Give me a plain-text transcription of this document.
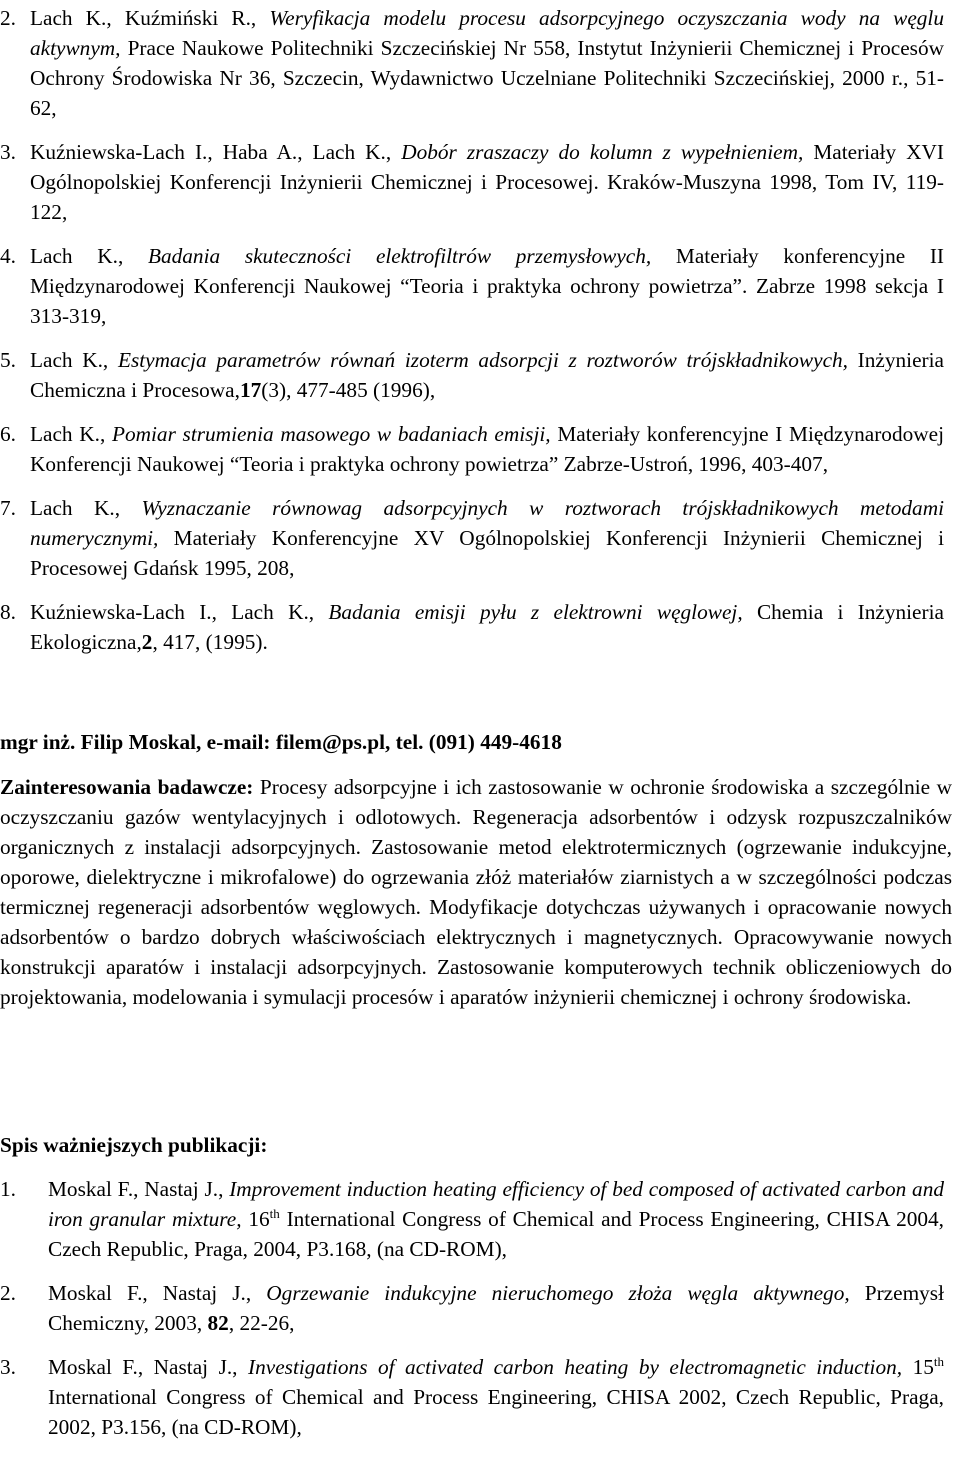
2. Lach K., Kuźmiński R., Weryfikacja modelu procesu adsorpcyjnego oczyszczania wody na węglu aktywnym, Prace Naukowe Politechniki Szczecińskiej Nr 558, Instytut Inżynierii Chemicznej i Procesów Ochrony Środowiska Nr 36, Szczecin, Wydawnictwo Uczelniane Politechniki Szczecińskiej, 2000 r., 51-62,
3. Kuźniewska-Lach I., Haba A., Lach K., Dobór zraszaczy do kolumn z wypełnieniem, Materiały XVI Ogólnopolskiej Konferencji Inżynierii Chemicznej i Procesowej. Kraków-Muszyna 1998, Tom IV, 119-122,
4. Lach K., Badania skuteczności elektrofiltrów przemysłowych, Materiały konferencyjne II Międzynarodowej Konferencji Naukowej “Teoria i praktyka ochrony powietrza”. Zabrze 1998 sekcja I 313-319,
5. Lach K., Estymacja parametrów równań izoterm adsorpcji z roztworów trójskładnikowych, Inżynieria Chemiczna i Procesowa,17(3), 477-485 (1996),
6. Lach K., Pomiar strumienia masowego w badaniach emisji, Materiały konferencyjne I Międzynarodowej Konferencji Naukowej “Teoria i praktyka ochrony powietrza” Zabrze-Ustroń, 1996, 403-407,
7. Lach K., Wyznaczanie równowag adsorpcyjnych w roztworach trójskładnikowych metodami numerycznymi, Materiały Konferencyjne XV Ogólnopolskiej Konferencji Inżynierii Chemicznej i Procesowej Gdańsk 1995, 208,
8. Kuźniewska-Lach I., Lach K., Badania emisji pyłu z elektrowni węglowej, Chemia i Inżynieria Ekologiczna,2, 417, (1995).
mgr inż. Filip Moskal, e-mail: filem@ps.pl, tel. (091) 449-4618

Zainteresowania badawcze: Procesy adsorpcyjne i ich zastosowanie w ochronie środowiska a szczególnie w oczyszczaniu gazów wentylacyjnych i odlotowych. Regeneracja adsorbentów i odzysk rozpuszczalników organicznych z instalacji adsorpcyjnych. Zastosowanie metod elektrotermicznych (ogrzewanie indukcyjne, oporowe, dielektryczne i mikrofalowe) do ogrzewania złóż materiałów ziarnistych a w szczególności podczas termicznej regeneracji adsorbentów węglowych. Modyfikacje dotychczas używanych i opracowanie nowych adsorbentów o bardzo dobrych właściwościach elektrycznych i magnetycznych. Opracowywanie nowych konstrukcji aparatów i instalacji adsorpcyjnych. Zastosowanie komputerowych technik obliczeniowych do projektowania, modelowania i symulacji procesów i aparatów inżynierii chemicznej i ochrony środowiska.

Spis ważniejszych publikacji:
1. Moskal F., Nastaj J., Improvement induction heating efficiency of bed composed of activated carbon and iron granular mixture, 16th International Congress of Chemical and Process Engineering, CHISA 2004, Czech Republic, Praga, 2004, P3.168, (na CD-ROM),
2. Moskal F., Nastaj J., Ogrzewanie indukcyjne nieruchomego złoża węgla aktywnego, Przemysł Chemiczny, 2003, 82, 22-26,
3. Moskal F., Nastaj J., Investigations of activated carbon heating by electromagnetic induction, 15th International Congress of Chemical and Process Engineering, CHISA 2002, Czech Republic, Praga, 2002, P3.156, (na CD-ROM),
